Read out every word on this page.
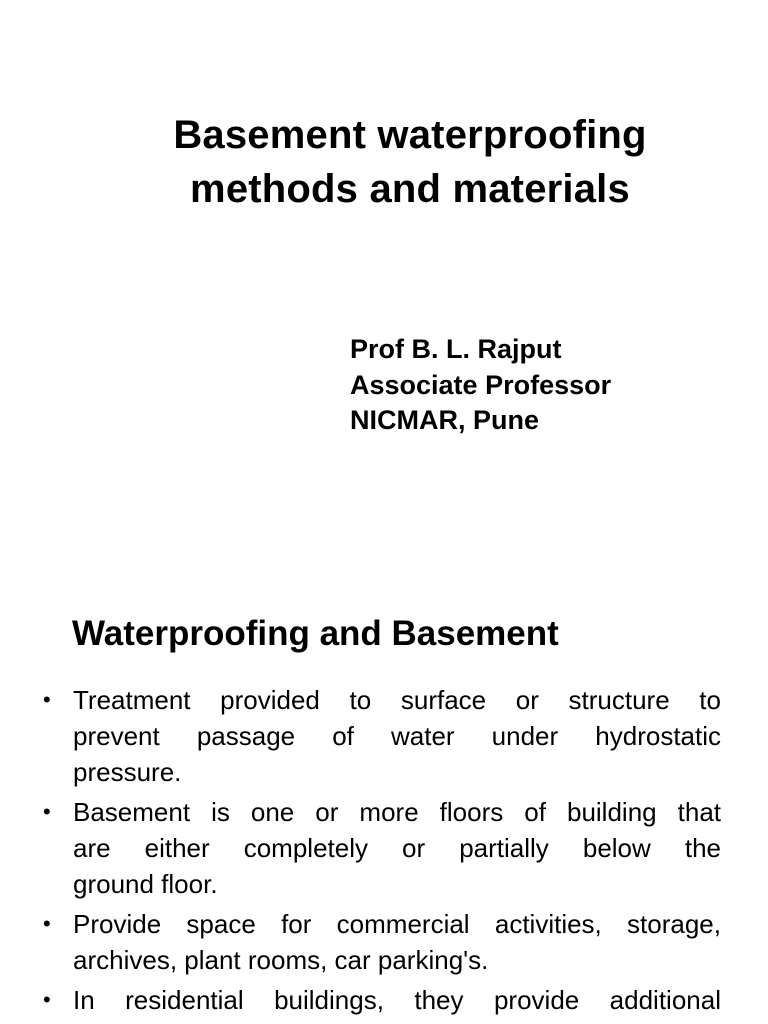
Basement waterproofing
methods and materials
Prof B. L. Rajput
Associate Professor
NICMAR, Pune
Waterproofing and Basement
• Treatment provided to surface or structure to
prevent passage of water under hydrostatic
pressure.
• Basement is one or more floors of building that
are either completely or partially below the
ground floor.
• Provide space for commercial activities, storage,
archives, plant rooms, car parking's.
• In residential buildings, they provide additional
